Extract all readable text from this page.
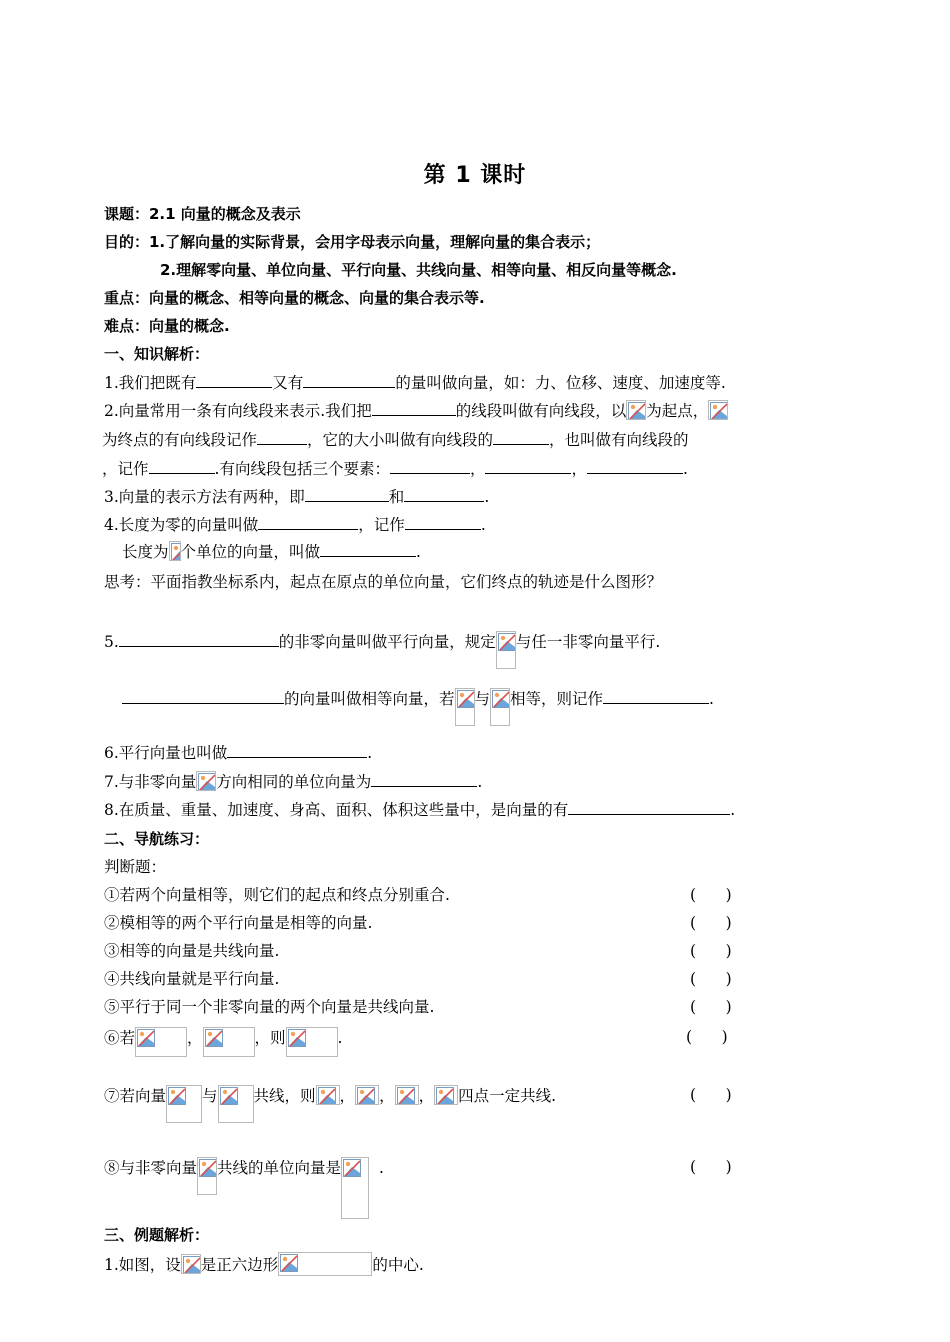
第 1 课时
课题：2.1 向量的概念及表示
目的：1.了解向量的实际背景，会用字母表示向量，理解向量的集合表示；
2.理解零向量、单位向量、平行向量、共线向量、相等向量、相反向量等概念.
重点：向量的概念、相等向量的概念、向量的集合表示等.
难点：向量的概念.
一、知识解析：
1.我们把既有	又有	的量叫做向量，如：力、位移、速度、加速度等.
2.向量常用一条有向线段来表示.我们把	的线段叫做有向线段，以 为起点，
为终点的有向线段记作	，它的大小叫做有向线段的	，也叫做有向线段的
，记作	.有向线段包括三个要素：	，	，	.
3.向量的表示方法有两种，即	和	.
4.长度为零的向量叫做	，记作	.
长度为 个单位的向量，叫做	.
思考：平面指教坐标系内，起点在原点的单位向量，它们终点的轨迹是什么图形？
5.	的非零向量叫做平行向量，规定 与任一非零向量平行.
的向量叫做相等向量，若 与 相等，则记作	.
6.平行向量也叫做	.
7.与非零向量 方向相同的单位向量为	.
8.在质量、重量、加速度、身高、面积、体积这些量中，是向量的有	.
二、导航练习：
判断题：
①若两个向量相等，则它们的起点和终点分别重合.	(      )
②模相等的两个平行向量是相等的向量.	(      )
③相等的向量是共线向量.	(      )
④共线向量就是平行向量.	(      )
⑤平行于同一个非零向量的两个向量是共线向量.	(      )
⑥若	，	，则	.	(      )
⑦若向量 与 共线，则 ， ， ， 四点一定共线.	(      )
⑧与非零向量 共线的单位向量是 .	(      )
三、例题解析：
1.如图，设 是正六边形	的中心.
